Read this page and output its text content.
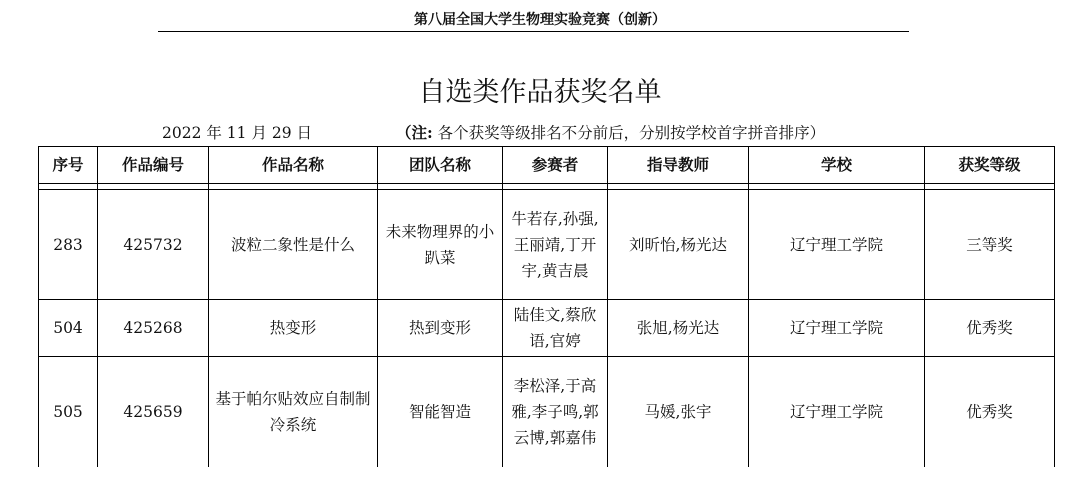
第八届全国大学生物理实验竞赛（创新）
自选类作品获奖名单
2022 年 11 月 29 日	（注: 各个获奖等级排名不分前后，分别按学校首字拼音排序）
序号	作品编号	作品名称	团队名称	参赛者	指导教师	学校	获奖等级

283	425732	波粒二象性是什么	未来物理界的小趴菜	牛若存,孙强,王丽靖,丁开宇,黄吉晨	刘昕怡,杨光达	辽宁理工学院	三等奖
504	425268	热变形	热到变形	陆佳文,蔡欣语,官婷	张旭,杨光达	辽宁理工学院	优秀奖
505	425659	基于帕尔贴效应自制制冷系统	智能智造	李松泽,于高雅,李子鸣,郭云博,郭嘉伟	马媛,张宇	辽宁理工学院	优秀奖
